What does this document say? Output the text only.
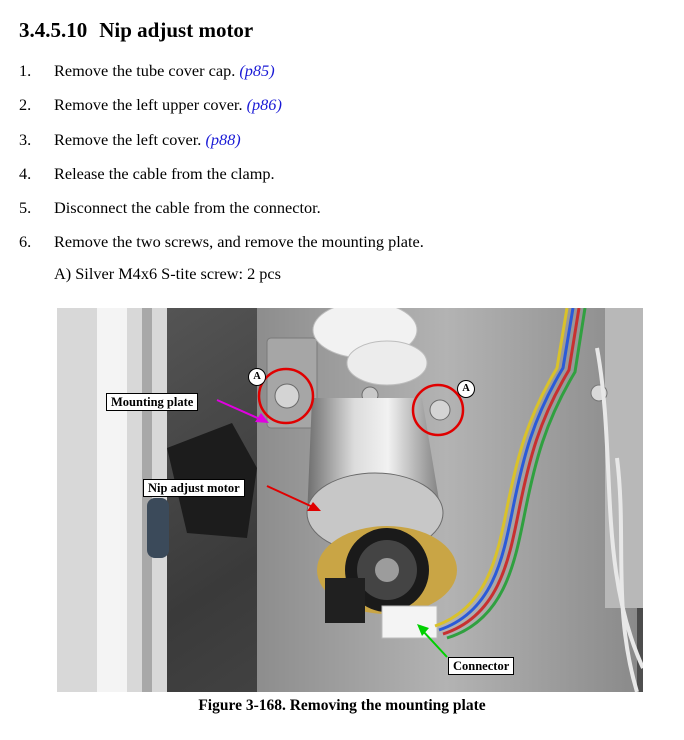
3.4.5.10 Nip adjust motor
1.	Remove the tube cover cap. (p85)
2.	Remove the left upper cover. (p86)
3.	Remove the left cover. (p88)
4.	Release the cable from the clamp.
5.	Disconnect the cable from the connector.
6.	Remove the two screws, and remove the mounting plate.
A) Silver M4x6 S-tite screw: 2 pcs
Mounting plate
Nip adjust motor
Connector
A
A
Figure 3-168. Removing the mounting plate
